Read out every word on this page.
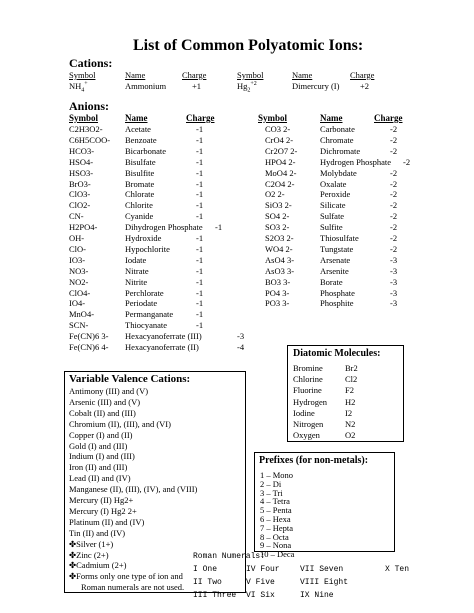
List of Common Polyatomic Ions:
Cations:
Symbol	Name	Charge	Symbol	Name	Charge
$NH_4^+$	Ammonium	+1	$Hg_2^{+2}$	Dimercury (I) +2
Anions:
Symbol	Name	Charge	Symbol	Name	Charge
C2H3O2-	Acetate	-1
C6H5COO- Benzoate	-1
HCO3-	Bicarbonate	-1
HSO4-	Bisulfate	-1
HSO3-	Bisulfite	-1
BrO3-	Bromate	-1
ClO3-	Chlorate	-1
ClO2-	Chlorite	-1
CN-	Cyanide	-1
H2PO4-	Dihydrogen Phosphate -1
OH-	Hydroxide	-1
ClO-	Hypochlorite	-1
IO3-	Iodate	-1
NO3-	Nitrate	-1
NO2-	Nitrite	-1
ClO4-	Perchlorate	-1
IO4-	Periodate	-1
MnO4-	Permanganate	-1
SCN-	Thiocyanate	-1
Fe(CN)6 3- Hexacyanoferrate (III)	-3
Fe(CN)6 4- Hexacyanoferrate (II)	-4
CO3 2-	Carbonate	-2
CrO4 2-	Chromate	-2
Cr2O7 2-	Dichromate	-2
HPO4 2-	Hydrogen Phosphate -2
MoO4 2-	Molybdate	-2
C2O4 2-	Oxalate	-2
O2 2-	Peroxide	-2
SiO3 2-	Silicate	-2
SO4 2-	Sulfate	-2
SO3 2-	Sulfite	-2
S2O3 2-	Thiosulfate	-2
WO4 2-	Tungstate	-2
AsO4 3-	Arsenate	-3
AsO3 3-	Arsenite	-3
BO3 3-	Borate	-3
PO4 3-	Phosphate	-3
PO3 3-	Phosphite	-3
Diatomic Molecules:
Bromine	Br2
Chlorine	Cl2
Fluorine	F2
Hydrogen H2
Iodine	I2
Nitrogen	N2
Oxygen	O2
Variable Valence Cations:
Antimony (III) and (V)
Arsenic (III) and (V)
Cobalt (II) and (III)
Chromium (II), (III), and (VI)
Copper (I) and (II)
Gold (I) and (III)
Indium (I) and (III)
Iron (II) and (III)
Lead (II) and (IV)
Manganese (II), (III), (IV), and (VIII)
Mercury (II) Hg2+
Mercury (I) Hg2 2+
Platinum (II) and (IV)
Tin (II) and (IV)
✤Silver (1+)
✤Zinc (2+)
✤Cadmium (2+)
✤Forms only one type of ion and
Roman numerals are not used.
Prefixes (for non-metals):
1 – Mono
2 – Di
3 – Tri
4 – Tetra
5 – Penta
6 – Hexa
7 – Hepta
8 – Octa
9 – Nona
10 – Deca
Roman Numerals:
I One	IV Four	VII Seven	X Ten
II Two	V Five	VIII Eight
III Three VI Six	IX Nine
